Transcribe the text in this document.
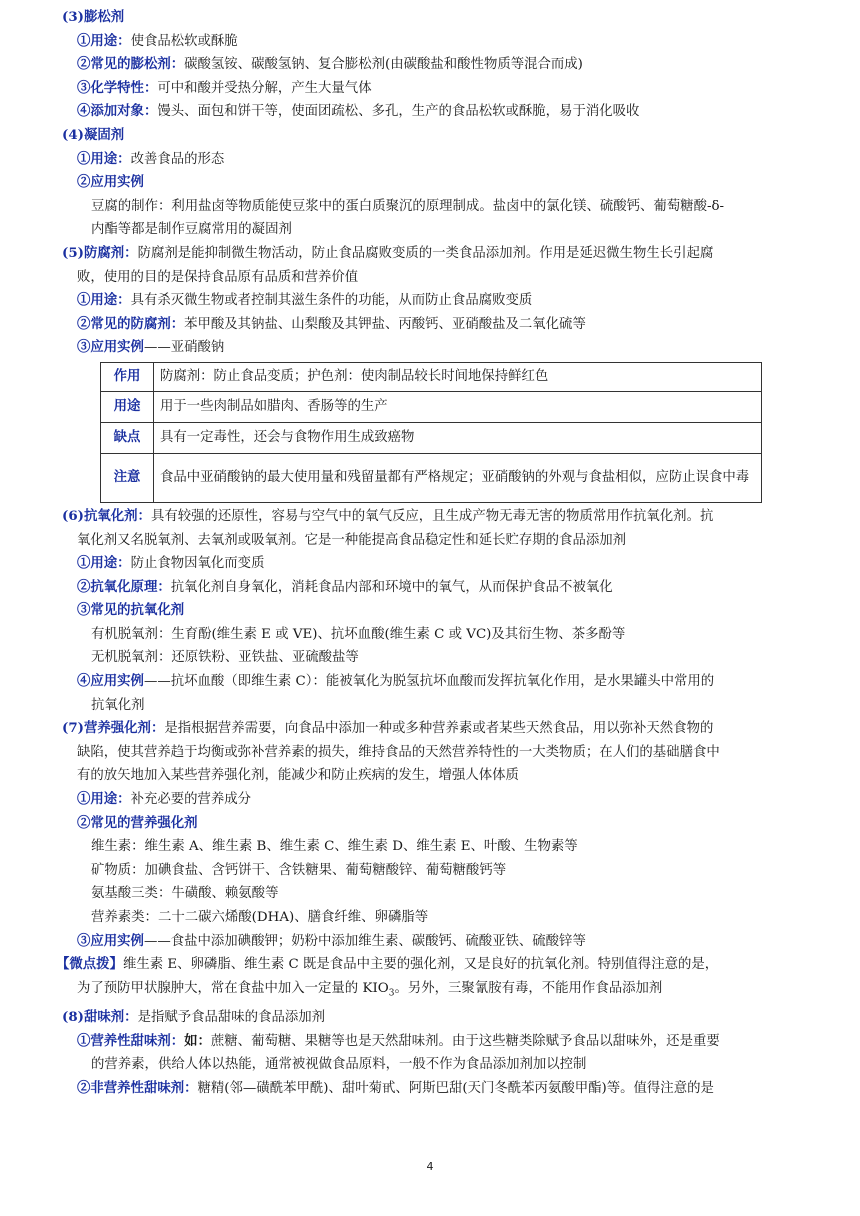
(3)膨松剂
①用途：使食品松软或酥脆
②常见的膨松剂：碳酸氢铵、碳酸氢钠、复合膨松剂(由碳酸盐和酸性物质等混合而成)
③化学特性：可中和酸并受热分解，产生大量气体
④添加对象：馒头、面包和饼干等，使面团疏松、多孔，生产的食品松软或酥脆，易于消化吸收
(4)凝固剂
①用途：改善食品的形态
②应用实例
豆腐的制作：利用盐卤等物质能使豆浆中的蛋白质聚沉的原理制成。盐卤中的氯化镁、硫酸钙、葡萄糖酸-δ-
内酯等都是制作豆腐常用的凝固剂
(5)防腐剂：防腐剂是能抑制微生物活动，防止食品腐败变质的一类食品添加剂。作用是延迟微生物生长引起腐
败，使用的目的是保持食品原有品质和营养价值
①用途：具有杀灭微生物或者控制其滋生条件的功能，从而防止食品腐败变质
②常见的防腐剂：苯甲酸及其钠盐、山梨酸及其钾盐、丙酸钙、亚硝酸盐及二氧化硫等
③应用实例——亚硝酸钠
作用	防腐剂：防止食品变质；护色剂：使肉制品较长时间地保持鲜红色
用途	用于一些肉制品如腊肉、香肠等的生产
缺点	具有一定毒性，还会与食物作用生成致癌物
注意	食品中亚硝酸钠的最大使用量和残留量都有严格规定；亚硝酸钠的外观与食盐相似，应防止误食中毒
(6)抗氧化剂：具有较强的还原性，容易与空气中的氧气反应，且生成产物无毒无害的物质常用作抗氧化剂。抗
氧化剂又名脱氧剂、去氧剂或吸氧剂。它是一种能提高食品稳定性和延长贮存期的食品添加剂
①用途：防止食物因氧化而变质
②抗氧化原理：抗氧化剂自身氧化，消耗食品内部和环境中的氧气，从而保护食品不被氧化
③常见的抗氧化剂
有机脱氧剂：生育酚(维生素 E 或 VE)、抗坏血酸(维生素 C 或 VC)及其衍生物、茶多酚等
无机脱氧剂：还原铁粉、亚铁盐、亚硫酸盐等
④应用实例——抗坏血酸（即维生素 C）：能被氧化为脱氢抗坏血酸而发挥抗氧化作用，是水果罐头中常用的
抗氧化剂
(7)营养强化剂：是指根据营养需要，向食品中添加一种或多种营养素或者某些天然食品，用以弥补天然食物的
缺陷，使其营养趋于均衡或弥补营养素的损失，维持食品的天然营养特性的一大类物质；在人们的基础膳食中
有的放矢地加入某些营养强化剂，能减少和防止疾病的发生，增强人体体质
①用途：补充必要的营养成分
②常见的营养强化剂
维生素：维生素 A、维生素 B、维生素 C、维生素 D、维生素 E、叶酸、生物素等
矿物质：加碘食盐、含钙饼干、含铁糖果、葡萄糖酸锌、葡萄糖酸钙等
氨基酸三类：牛磺酸、赖氨酸等
营养素类：二十二碳六烯酸(DHA)、膳食纤维、卵磷脂等
③应用实例——食盐中添加碘酸钾；奶粉中添加维生素、碳酸钙、硫酸亚铁、硫酸锌等
【微点拨】维生素 E、卵磷脂、维生素 C 既是食品中主要的强化剂，又是良好的抗氧化剂。特别值得注意的是，
为了预防甲状腺肿大，常在食盐中加入一定量的 $KIO_3$。另外，三聚氰胺有毒，不能用作食品添加剂
(8)甜味剂：是指赋予食品甜味的食品添加剂
①营养性甜味剂：如：蔗糖、葡萄糖、果糖等也是天然甜味剂。由于这些糖类除赋予食品以甜味外，还是重要
的营养素，供给人体以热能，通常被视做食品原料，一般不作为食品添加剂加以控制
②非营养性甜味剂：糖精(邻—磺酰苯甲酰)、甜叶菊甙、阿斯巴甜(天门冬酰苯丙氨酸甲酯)等。值得注意的是
4
